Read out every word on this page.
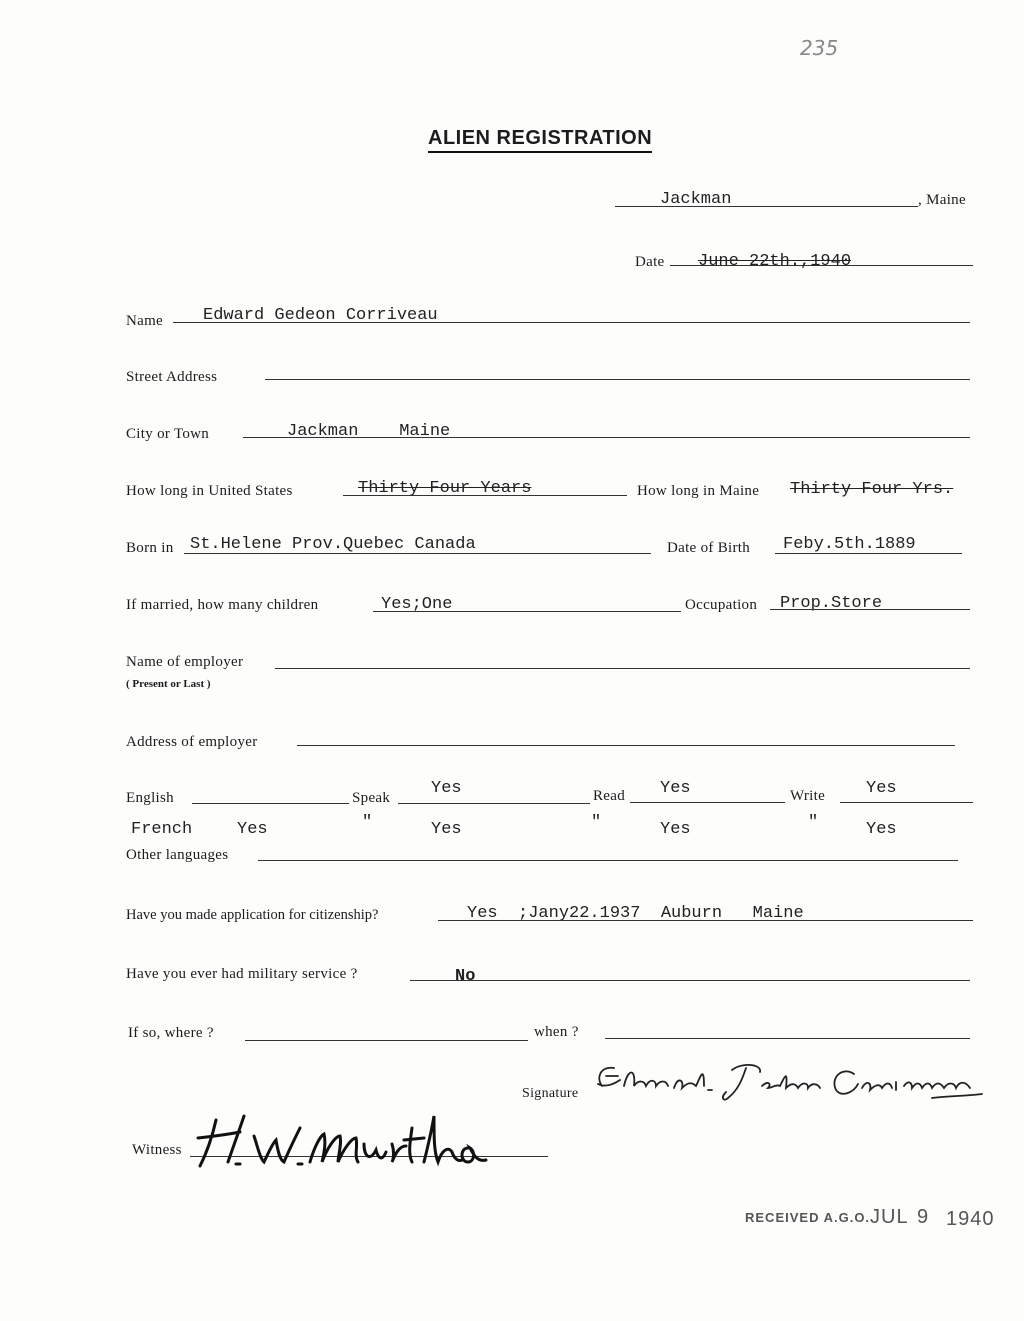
235
ALIEN REGISTRATION
Jackman	, Maine
Date June 22th.,1940
Name Edward Gedeon Corriveau
Street Address
City or Town	Jackman    Maine
How long in United States	Thirty Four Years	How long in Maine Thirty Four Yrs.
Born in St.Helene Prov.Quebec Canada	Date of Birth Feby.5th.1889
If married, how many children	Yes;One	Occupation Prop.Store
Name of employer
( Present or Last )
Address of employer
English	Speak Yes	Read Yes	Write Yes
French	Yes	"	Yes	"	Yes	"	Yes
Other languages
Have you made application for citizenship?	Yes  ;Jany22.1937  Auburn   Maine
Have you ever had military service ?	No
If so, where ?	when ?
Signature
Witness
RECEIVED A.G.O. JUL 9 1940
